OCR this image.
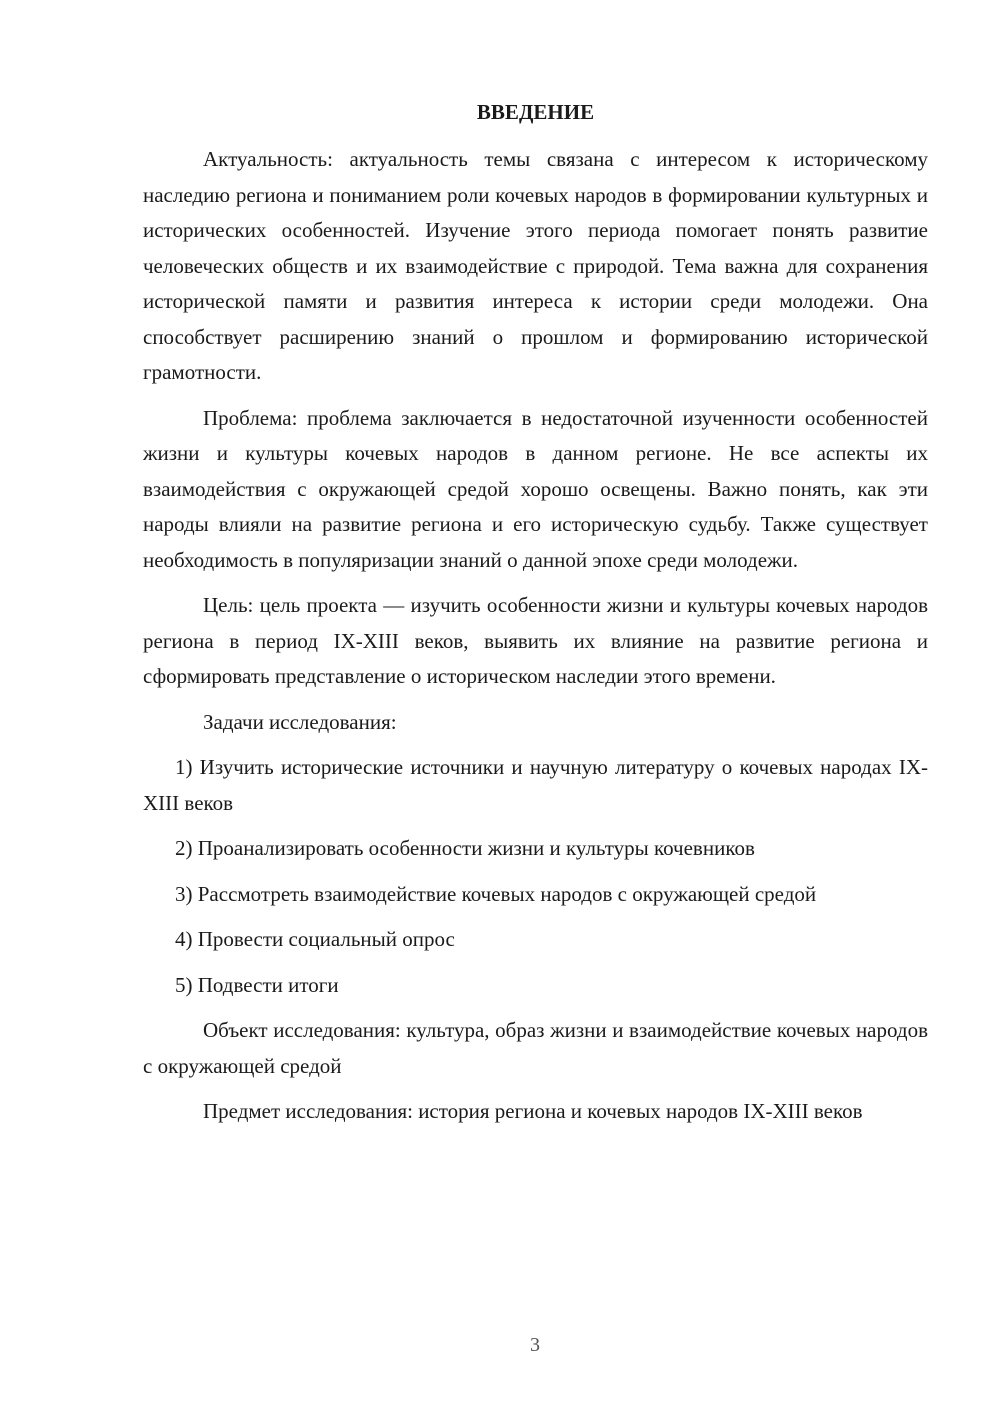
ВВЕДЕНИЕ

Актуальность: актуальность темы связана с интересом к историческому наследию региона и пониманием роли кочевых народов в формировании культурных и исторических особенностей. Изучение этого периода помогает понять развитие человеческих обществ и их взаимодействие с природой. Тема важна для сохранения исторической памяти и развития интереса к истории среди молодежи. Она способствует расширению знаний о прошлом и формированию исторической грамотности.

Проблема: проблема заключается в недостаточной изученности особенностей жизни и культуры кочевых народов в данном регионе. Не все аспекты их взаимодействия с окружающей средой хорошо освещены. Важно понять, как эти народы влияли на развитие региона и его историческую судьбу. Также существует необходимость в популяризации знаний о данной эпохе среди молодежи.

Цель: цель проекта — изучить особенности жизни и культуры кочевых народов региона в период IX-XIII веков, выявить их влияние на развитие региона и сформировать представление о историческом наследии этого времени.

Задачи исследования:

1) Изучить исторические источники и научную литературу о кочевых народах IX-XIII веков

2) Проанализировать особенности жизни и культуры кочевников

3) Рассмотреть взаимодействие кочевых народов с окружающей средой

4) Провести социальный опрос

5) Подвести итоги

Объект исследования: культура, образ жизни и взаимодействие кочевых народов с окружающей средой

Предмет исследования: история региона и кочевых народов IX-XIII веков

3
